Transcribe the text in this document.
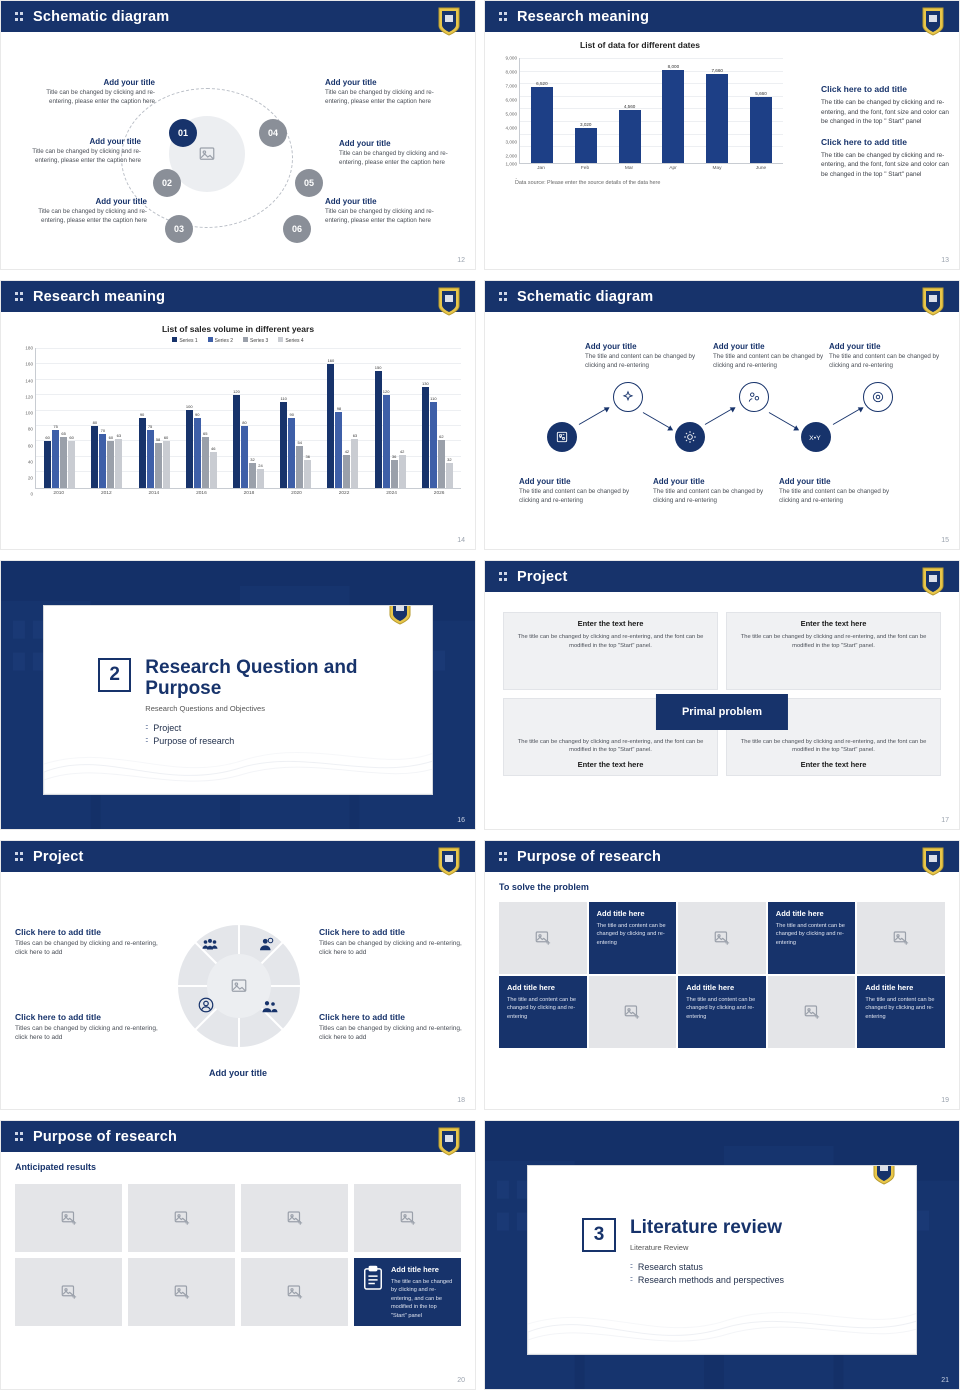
Schematic diagram
01
02
03
04
05
06
Add your title
Title can be changed by clicking and re-entering, please enter the caption here
Add your title
Title can be changed by clicking and re-entering, please enter the caption here
Add your title
Title can be changed by clicking and re-entering, please enter the caption here
Add your title
Title can be changed by clicking and re-entering, please enter the caption here
Add your title
Title can be changed by clicking and re-entering, please enter the caption here
Add your title
Title can be changed by clicking and re-entering, please enter the caption here
12
Research meaning
List of data for different dates
9,000
8,000
7,000
6,000
5,000
4,000
3,000
2,000
1,000
-
6,520
3,020
4,560
8,000
7,660
5,660
Jan	Feb	Mar	Apr	May	June
Data source: Please enter the source details of the data here
Click here to add title

The title can be changed by clicking and re-entering, and the font, font size and color can be changed in the top " Start" panel

Click here to add title

The title can be changed by clicking and re-entering, and the font, font size and color can be changed in the top " Start" panel

13
Research meaning
List of sales volume in different years
Series 1	Series 2	Series 3	Series 4
180
160
140
120
100
80
60
40
20
0
60
75
65
60
80
70
60 63
90
75
58 60
100
90
65
46
120
80
32
24
110
90
54
36
160
98
42
63
150
120
36
42
130
110
62
32
2010	2012	2014	2016	2018	2020	2022	2024	2026
14
Schematic diagram
Add your title
The title and content can be changed by clicking and re-entering
Add your title
The title and content can be changed by clicking and re-entering
Add your title
The title and content can be changed by clicking and re-entering
X•Y
Add your title
The title and content can be changed by clicking and re-entering
Add your title
The title and content can be changed by clicking and re-entering
Add your title
The title and content can be changed by clicking and re-entering
15
2	Research Question and Purpose
Research Questions and Objectives
:: Project
:: Purpose of research
16
Project
Enter the text here
The title can be changed by clicking and re-entering, and the font can be modified in the top "Start" panel.
Enter the text here
The title can be changed by clicking and re-entering, and the font can be modified in the top "Start" panel.
The title can be changed by clicking and re-entering, and the font can be modified in the top "Start" panel.
Enter the text here
The title can be changed by clicking and re-entering, and the font can be modified in the top "Start" panel.
Enter the text here
Primal problem
17
Project
Click here to add title
Titles can be changed by clicking and re-entering, click here to add
Click here to add title
Titles can be changed by clicking and re-entering, click here to add
Click here to add title
Titles can be changed by clicking and re-entering, click here to add
Click here to add title
Titles can be changed by clicking and re-entering, click here to add
Add your title
18
Purpose of research
To solve the problem
Add title here
The title and content can be changed by clicking and re-entering
Add title here
The title and content can be changed by clicking and re-entering
Add title here
The title and content can be changed by clicking and re-entering
Add title here
The title and content can be changed by clicking and re-entering
Add title here
The title and content can be changed by clicking and re-entering
19
Purpose of research
Anticipated results
Add title here
The title can be changed by clicking and re-entering, and can be modified in the top "Start" panel
20
3	Literature review
Literature Review
:: Research status
:: Research methods and perspectives
21
